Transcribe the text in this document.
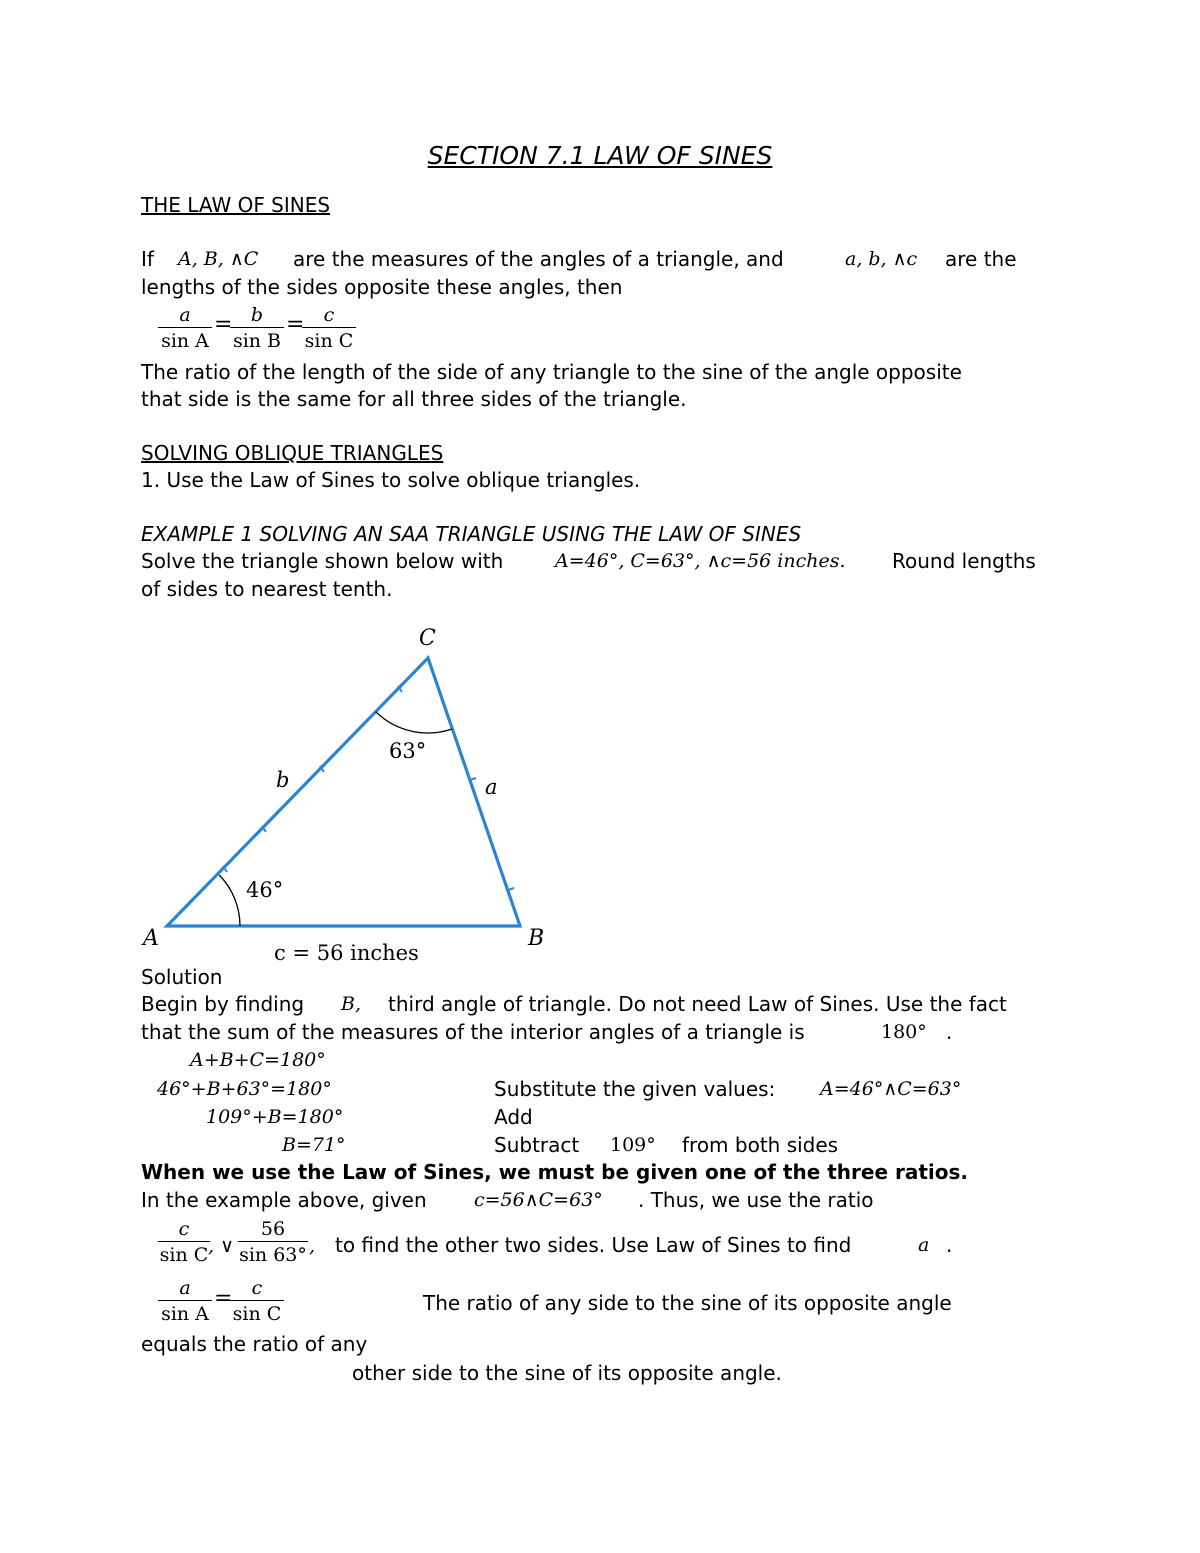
SECTION 7.1 LAW OF SINES
THE LAW OF SINES
If A, B, ∧C are the measures of the angles of a triangle, and	a, b, ∧c are the
lengths of the sides opposite these angles, then
$\frac{a}{\text{sin A}}$ =
$\frac{b}{\text{sin B}}$ =
$\frac{c}{\text{sin C}}$
The ratio of the length of the side of any triangle to the sine of the angle opposite
that side is the same for all three sides of the triangle.
SOLVING OBLIQUE TRIANGLES
1. Use the Law of Sines to solve oblique triangles.
EXAMPLE 1 SOLVING AN SAA TRIANGLE USING THE LAW OF SINES
Solve the triangle shown below with	A=46°, C=63°, ∧c=56 inches. Round lengths
of sides to nearest tenth.
A	B
C
b	a
46°
63°
c = 56 inches
Solution
Begin by finding B, third angle of triangle. Do not need Law of Sines. Use the fact
that the sum of the measures of the interior angles of a triangle is	180° .
A+B+C=180°
46°+B+63°=180°	Substitute the given values: A=46°∧C=63°
109°+B=180°	Add
B=71°	Subtract 109° from both sides
When we use the Law of Sines, we must be given one of the three ratios.
In the example above, given c=56∧C=63° . Thus, we use the ratio
$\frac{c}{\text{sin C}}$
, ∨ $\frac{56}{\sin 63^\circ}$ , to find the other two sides. Use Law of Sines to find	a .
$\frac{a}{\text{sin A}}$ =
$\frac{c}{\text{sin C}}$	The ratio of any side to the sine of its opposite angle
equals the ratio of any
other side to the sine of its opposite angle.
